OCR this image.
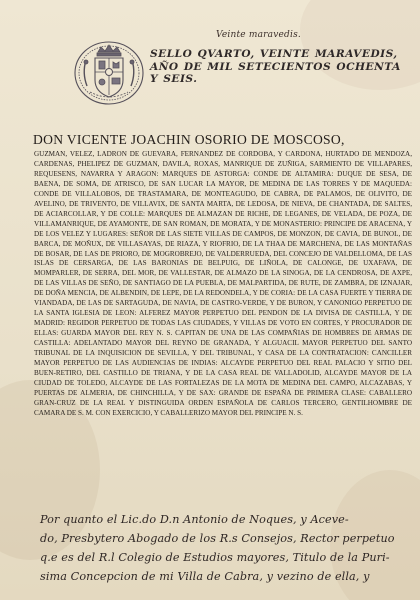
Veinte maravedis.
SELLO QVARTO, VEINTE MARAVEDIS, AÑO DE MIL SETECIENTOS OCHENTA Y SEIS.
DON VICENTE JOACHIN OSORIO DE MOSCOSO,
GUZMAN, VELEZ, LADRON DE GUEVARA, FERNANDEZ DE CORDOBA, Y CARDONA, HURTADO DE MENDOZA, CARDENAS, PHELIPEZ DE GUZMAN, DAVILA, ROXAS, MANRIQUE DE ZUÑIGA, SARMIENTO DE VILLAPARES, REQUESENS, NAVARRA Y ARAGON: MARQUES DE ASTORGA: CONDE DE ALTAMIRA: DUQUE DE SESA, DE BAENA, DE SOMA, DE ATRISCO, DE SAN LUCAR LA MAYOR, DE MEDINA DE LAS TORRES Y DE MAQUEDA: CONDE DE VILLALOBOS, DE TRASTAMARA, DE MONTEAGUDO, DE CABRA, DE PALAMOS, DE OLIVITO, DE AVELINO, DE TRIVENTO, DE VILLAVIX, DE SANTA MARTA, DE LEDOSA, DE NIEVA, DE CHANTADA, DE SALTES, DE ACIARCOLLAR, Y DE COLLE: MARQUES DE ALMAZAN DE RICHE, DE LEGANES, DE VELADA, DE POZA, DE VILLAMANRIQUE, DE AYAMONTE, DE SAN ROMAN, DE MORATA, Y DE MONASTERIO: PRINCIPE DE ARACENA, Y DE LOS VELEZ Y LUGARES: SEÑOR DE LAS SIETE VILLAS DE CAMPOS, DE MONZON, DE CAVIA, DE BUNOL, DE BARCA, DE MOÑUX, DE VILLASAYAS, DE RIAZA, Y RIOFRIO, DE LA THAA DE MARCHENA, DE LAS MONTAÑAS DE BOSAR, DE LAS DE PRIORO, DE MOGROBREJO, DE VALDERRUEDA, DEL CONCEJO DE VALDELLOMA, DE LAS ISLAS DE CERSARGA, DE LAS BARONIAS DE BELPUIG, DE LIÑOLA, DE CALONGE, DE UXAFAVA, DE MOMPARLER, DE SERRA, DEL MOR, DE VALLESTAR, DE ALMAZO DE LA SINOGA, DE LA CENDROSA, DE AXPE, DE LAS VILLAS DE SEÑO, DE SANTIAGO DE LA PUEBLA, DE MALPARTIDA, DE RUTE, DE ZAMBRA, DE IZNAJAR, DE DOÑA MENCIA, DE ALBENDIN, DE LEPE, DE LA REDONDELA, Y DE CORIA: DE LA CASA FUERTE Y TIERRA DE VIANDADA, DE LAS DE SARTAGUDA, DE NAVIA, DE CASTRO-VERDE, Y DE BURON, Y CANONIGO PERPETUO DE LA SANTA IGLESIA DE LEON: ALFEREZ MAYOR PERPETUO DEL PENDON DE LA DIVISA DE CASTILLA, Y DE MADRID: REGIDOR PERPETUO DE TODAS LAS CIUDADES, Y VILLAS DE VOTO EN CORTES, Y PROCURADOR DE ELLAS: GUARDA MAYOR DEL REY N. S. CAPITAN DE UNA DE LAS COMPAÑIAS DE HOMBRES DE ARMAS DE CASTILLA: ADELANTADO MAYOR DEL REYNO DE GRANADA, Y ALGUACIL MAYOR PERPETUO DEL SANTO TRIBUNAL DE LA INQUISICION DE SEVILLA, Y DEL TRIBUNAL, Y CASA DE LA CONTRATACION: CANCILLER MAYOR PERPETUO DE LAS AUDIENCIAS DE INDIAS: ALCAYDE PERPETUO DEL REAL PALACIO Y SITIO DEL BUEN-RETIRO, DEL CASTILLO DE TRIANA, Y DE LA CASA REAL DE VALLADOLID, ALCAYDE MAYOR DE LA CIUDAD DE TOLEDO, ALCAYDE DE LAS FORTALEZAS DE LA MOTA DE MEDINA DEL CAMPO, ALCAZABAS, Y PUERTAS DE ALMERIA, DE CHINCHILLA, Y DE SAX: GRANDE DE ESPAÑA DE PRIMERA CLASE: CABALLERO GRAN-CRUZ DE LA REAL Y DISTINGUIDA ORDEN ESPAÑOLA DE CARLOS TERCERO, GENTILHOMBRE DE CAMARA DE S. M. CON EXERCICIO, Y CABALLERIZO MAYOR DEL PRINCIPE N. S.
Por quanto el Lic.do D.n Antonio de Noques, y Aceve-
do, Presbytero Abogado de los R.s Consejos, Rector perpetuo
q.e es del R.l Colegio de Estudios mayores, Titulo de la Puri-
sima Concepcion de mi Villa de Cabra, y vezino de ella, y
